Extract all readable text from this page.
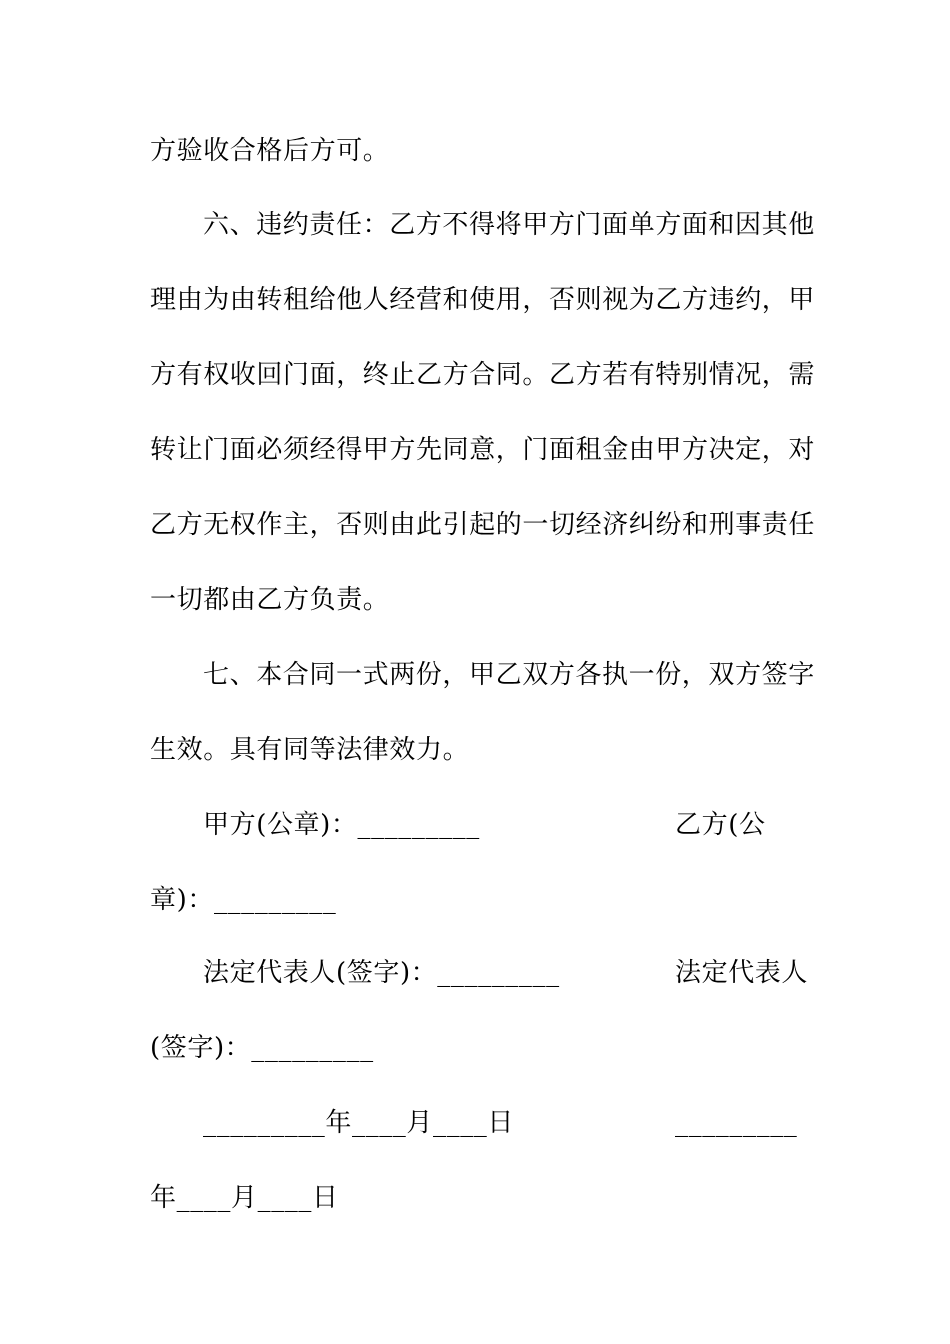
方验收合格后方可。
六、违约责任：乙方不得将甲方门面单方面和因其他
理由为由转租给他人经营和使用，否则视为乙方违约，甲
方有权收回门面，终止乙方合同。乙方若有特别情况，需
转让门面必须经得甲方先同意，门面租金由甲方决定，对
乙方无权作主，否则由此引起的一切经济纠纷和刑事责任
一切都由乙方负责。
七、本合同一式两份，甲乙双方各执一份，双方签字
生效。具有同等法律效力。
甲方(公章)：_________	乙方(公
章)：_________
法定代表人(签字)：_________	法定代表人
(签字)：_________
_________年____月____日	_________
年____月____日
